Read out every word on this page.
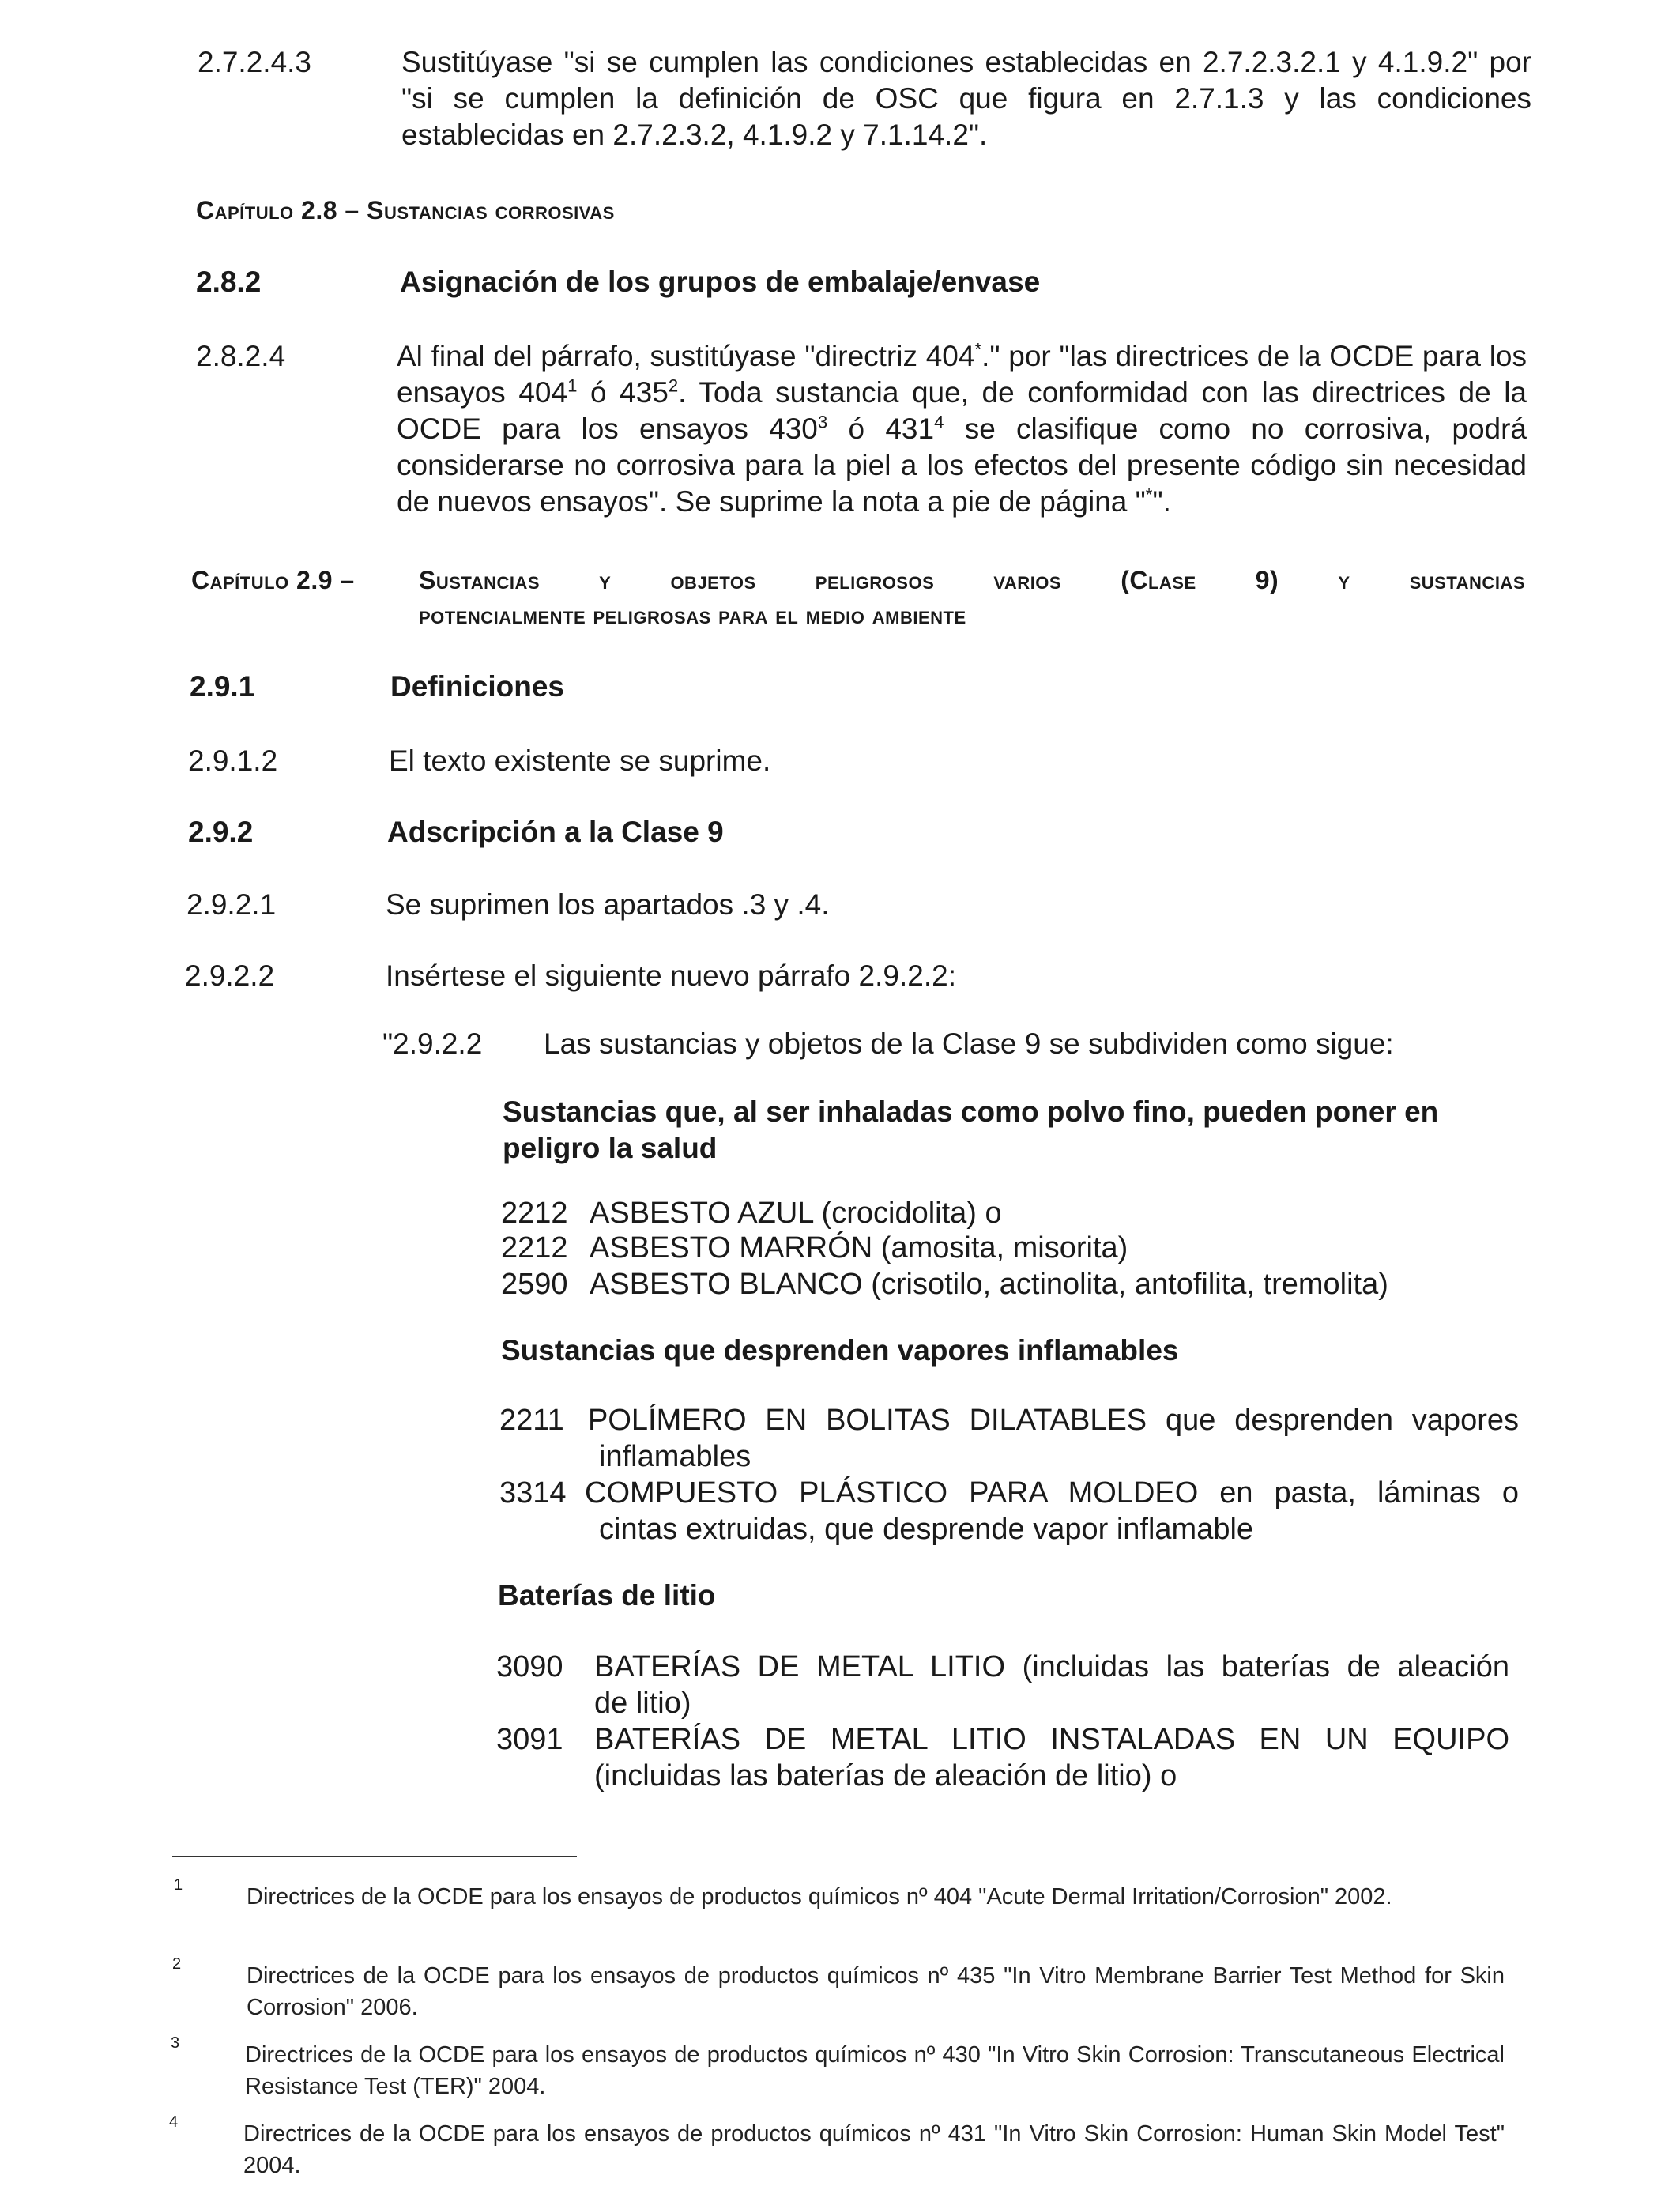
2.7.2.4.3	Sustitúyase "si se cumplen las condiciones establecidas en 2.7.2.3.2.1 y 4.1.9.2" por "si se cumplen la definición de OSC que figura en 2.7.1.3 y las condiciones establecidas en 2.7.2.3.2, 4.1.9.2 y 7.1.14.2".
Capítulo 2.8 – Sustancias corrosivas
2.8.2	Asignación de los grupos de embalaje/envase
2.8.2.4	Al final del párrafo, sustitúyase "directriz 404*." por "las directrices de la OCDE para los ensayos $404^1$ ó $435^2$. Toda sustancia que, de conformidad con las directrices de la OCDE para los ensayos $430^3$ ó $431^4$ se clasifique como no corrosiva, podrá considerarse no corrosiva para la piel a los efectos del presente código sin necesidad de nuevos ensayos". Se suprime la nota a pie de página "*".
Capítulo 2.9 –	Sustancias y objetos peligrosos varios (Clase 9) y sustancias
potencialmente peligrosas para el medio ambiente
2.9.1	Definiciones
2.9.1.2	El texto existente se suprime.
2.9.2	Adscripción a la Clase 9
2.9.2.1	Se suprimen los apartados .3 y .4.
2.9.2.2	Insértese el siguiente nuevo párrafo 2.9.2.2:
"2.9.2.2 Las sustancias y objetos de la Clase 9 se subdividen como sigue:
Sustancias que, al ser inhaladas como polvo fino, pueden poner en peligro la salud
2212 ASBESTO AZUL (crocidolita) o
2212 ASBESTO MARRÓN (amosita, misorita)
2590 ASBESTO BLANCO (crisotilo, actinolita, antofilita, tremolita)
Sustancias que desprenden vapores inflamables
2211 POLÍMERO EN BOLITAS DILATABLES que desprenden vapores
inflamables
3314 COMPUESTO PLÁSTICO PARA MOLDEO en pasta, láminas o
cintas extruidas, que desprende vapor inflamable
Baterías de litio
3090 BATERÍAS DE METAL LITIO (incluidas las baterías de aleación
de litio)
3091 BATERÍAS DE METAL LITIO INSTALADAS EN UN EQUIPO
(incluidas las baterías de aleación de litio) o
1	Directrices de la OCDE para los ensayos de productos químicos nº 404 "Acute Dermal Irritation/Corrosion" 2002.
2	Directrices de la OCDE para los ensayos de productos químicos nº 435 "In Vitro Membrane Barrier Test Method for Skin Corrosion" 2006.
3	Directrices de la OCDE para los ensayos de productos químicos nº 430 "In Vitro Skin Corrosion: Transcutaneous Electrical Resistance Test (TER)" 2004.
4	Directrices de la OCDE para los ensayos de productos químicos nº 431 "In Vitro Skin Corrosion: Human Skin Model Test" 2004.
